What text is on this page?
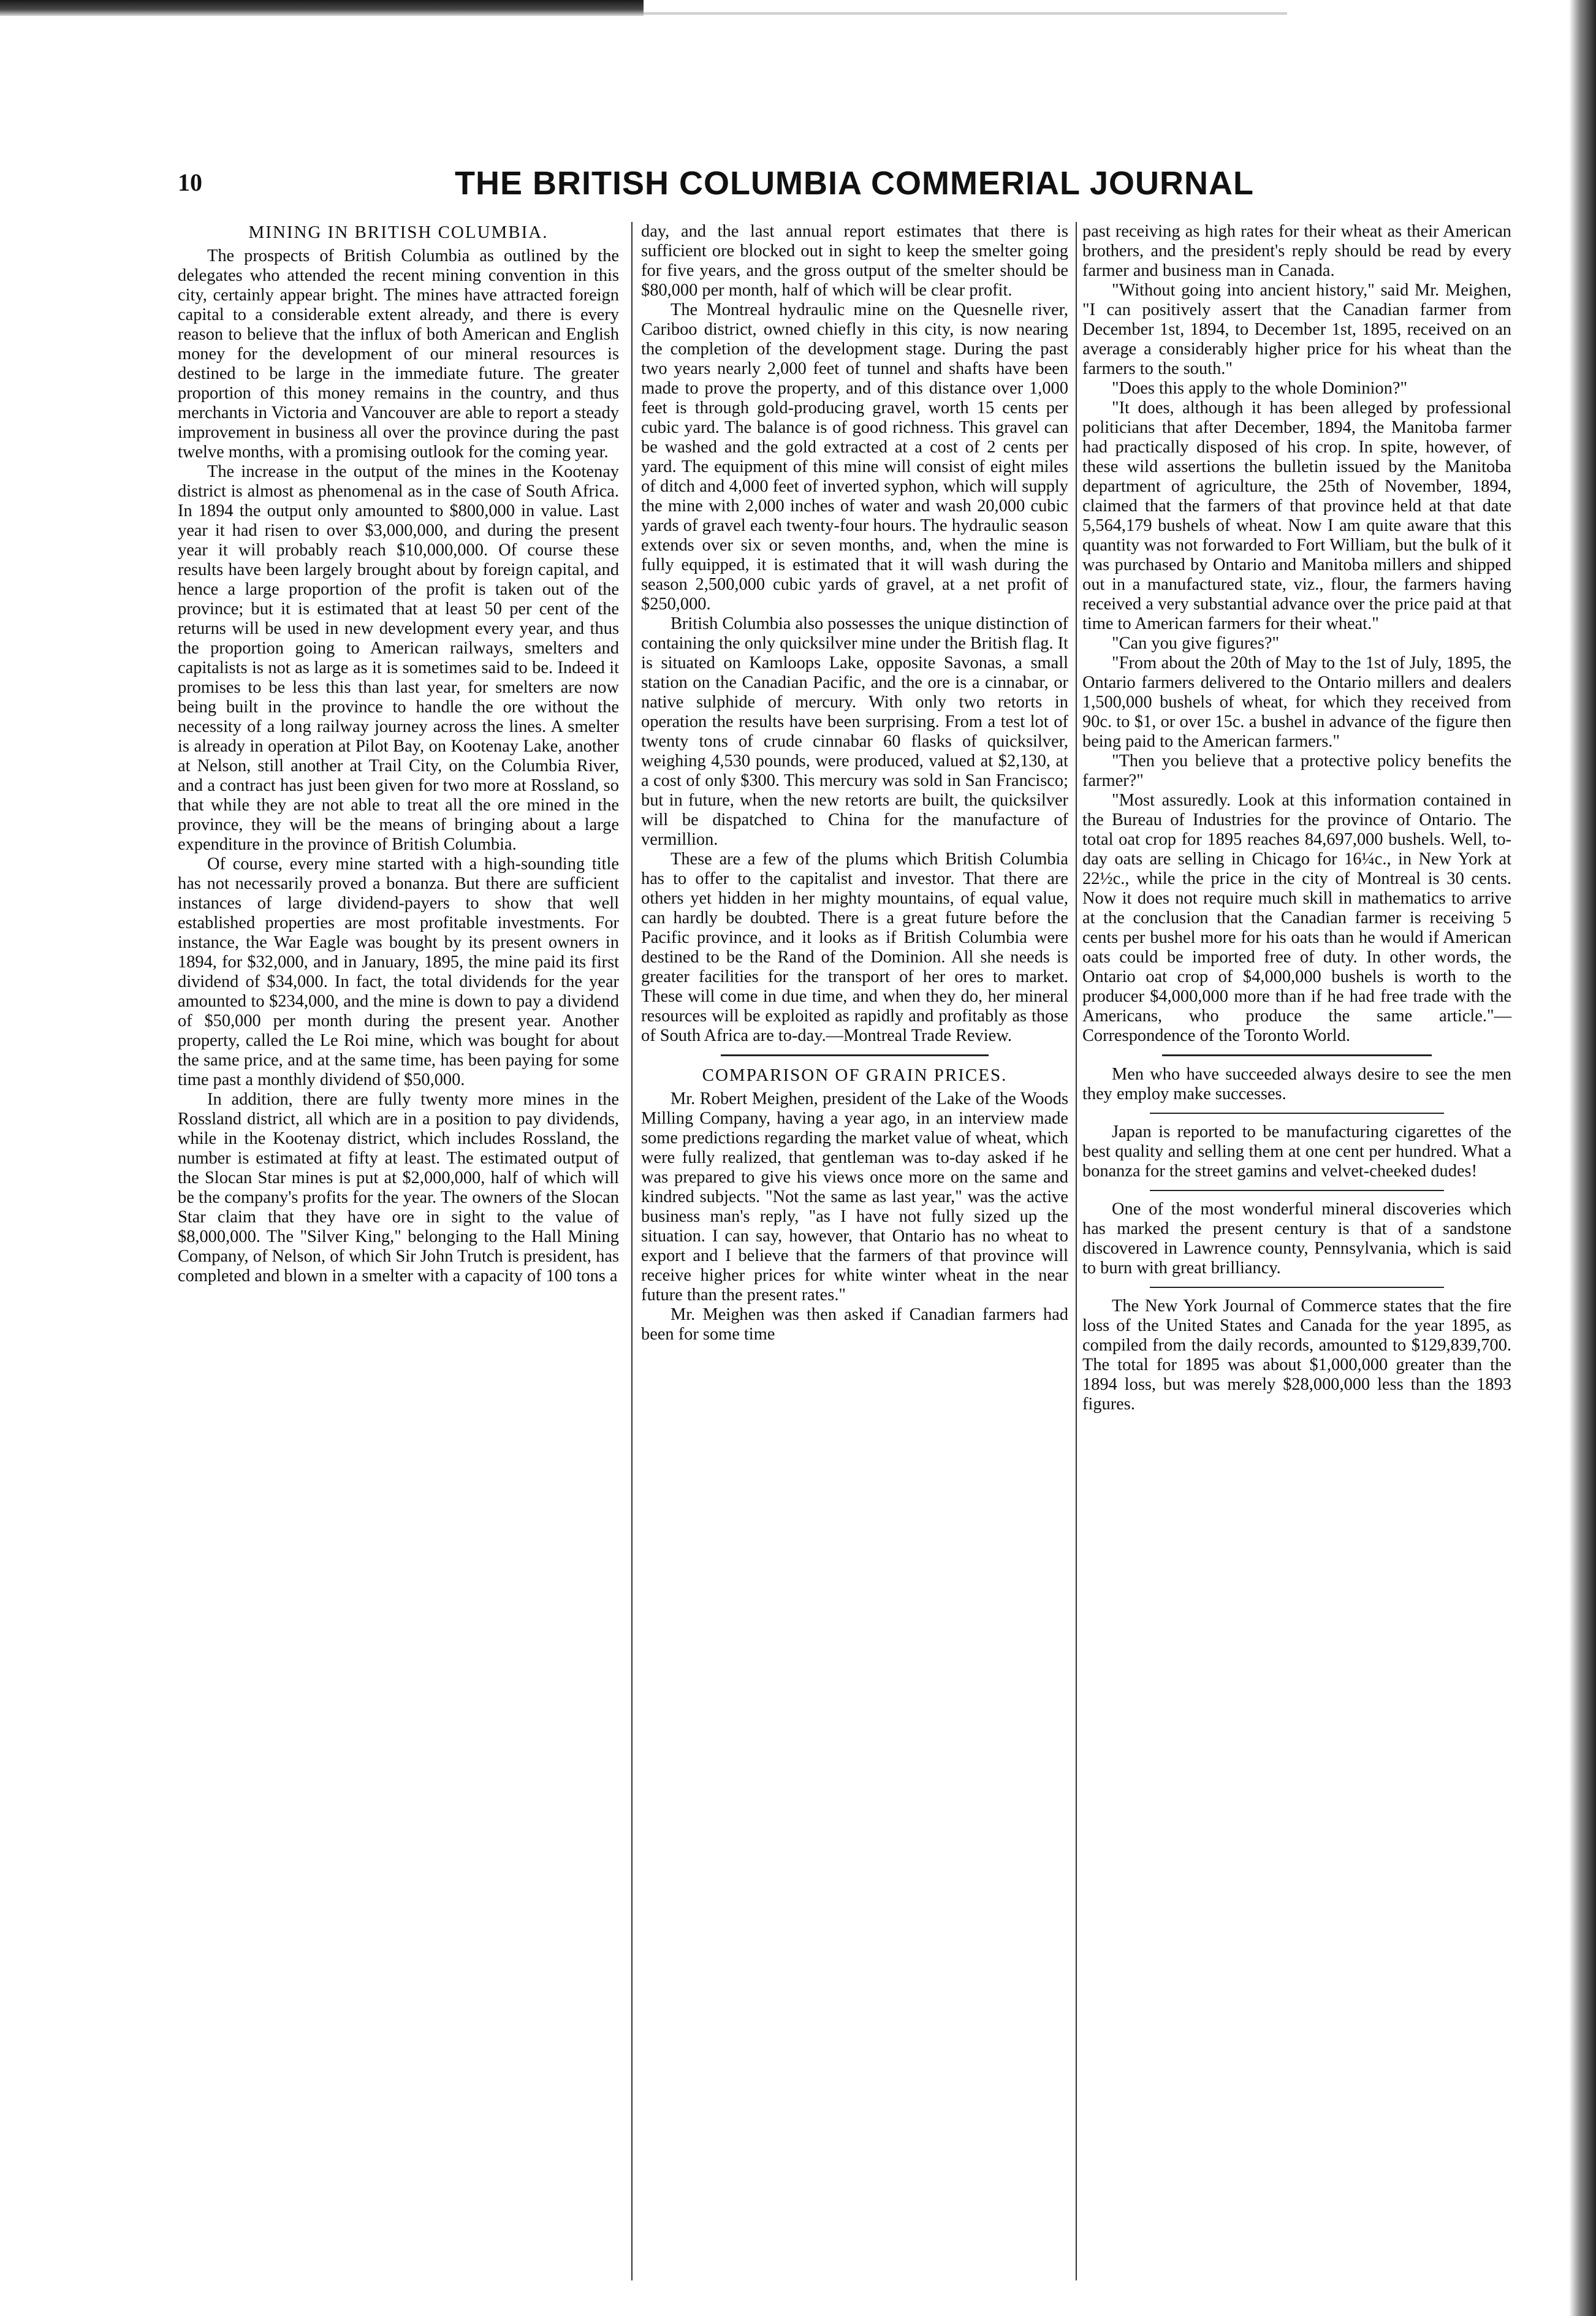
10	THE BRITISH COLUMBIA COMMERIAL JOURNAL
MINING IN BRITISH COLUMBIA.

The prospects of British Columbia as outlined by the delegates who attended the recent mining convention in this city, certainly appear bright. The mines have attracted foreign capital to a considerable extent already, and there is every reason to believe that the influx of both American and English money for the development of our mineral resources is destined to be large in the immediate future. The greater proportion of this money remains in the country, and thus merchants in Victoria and Vancouver are able to report a steady improvement in business all over the province during the past twelve months, with a promising outlook for the coming year.

The increase in the output of the mines in the Kootenay district is almost as phenomenal as in the case of South Africa. In 1894 the output only amounted to $800,000 in value. Last year it had risen to over $3,000,000, and during the present year it will probably reach $10,000,000. Of course these results have been largely brought about by foreign capital, and hence a large proportion of the profit is taken out of the province; but it is estimated that at least 50 per cent of the returns will be used in new development every year, and thus the proportion going to American railways, smelters and capitalists is not as large as it is sometimes said to be. Indeed it promises to be less this than last year, for smelters are now being built in the province to handle the ore without the necessity of a long railway journey across the lines. A smelter is already in operation at Pilot Bay, on Kootenay Lake, another at Nelson, still another at Trail City, on the Columbia River, and a contract has just been given for two more at Rossland, so that while they are not able to treat all the ore mined in the province, they will be the means of bringing about a large expenditure in the province of British Columbia.

Of course, every mine started with a high-sounding title has not necessarily proved a bonanza. But there are sufficient instances of large dividend-payers to show that well established properties are most profitable investments. For instance, the War Eagle was bought by its present owners in 1894, for $32,000, and in January, 1895, the mine paid its first dividend of $34,000. In fact, the total dividends for the year amounted to $234,000, and the mine is down to pay a dividend of $50,000 per month during the present year. Another property, called the Le Roi mine, which was bought for about the same price, and at the same time, has been paying for some time past a monthly dividend of $50,000.

In addition, there are fully twenty more mines in the Rossland district, all which are in a position to pay dividends, while in the Kootenay district, which includes Rossland, the number is estimated at fifty at least. The estimated output of the Slocan Star mines is put at $2,000,000, half of which will be the company's profits for the year. The owners of the Slocan Star claim that they have ore in sight to the value of $8,000,000. The "Silver King," belonging to the Hall Mining Company, of Nelson, of which Sir John Trutch is president, has completed and blown in a smelter with a capacity of 100 tons a

day, and the last annual report estimates that there is sufficient ore blocked out in sight to keep the smelter going for five years, and the gross output of the smelter should be $80,000 per month, half of which will be clear profit.

The Montreal hydraulic mine on the Quesnelle river, Cariboo district, owned chiefly in this city, is now nearing the completion of the development stage. During the past two years nearly 2,000 feet of tunnel and shafts have been made to prove the property, and of this distance over 1,000 feet is through gold-producing gravel, worth 15 cents per cubic yard. The balance is of good richness. This gravel can be washed and the gold extracted at a cost of 2 cents per yard. The equipment of this mine will consist of eight miles of ditch and 4,000 feet of inverted syphon, which will supply the mine with 2,000 inches of water and wash 20,000 cubic yards of gravel each twenty-four hours. The hydraulic season extends over six or seven months, and, when the mine is fully equipped, it is estimated that it will wash during the season 2,500,000 cubic yards of gravel, at a net profit of $250,000.

British Columbia also possesses the unique distinction of containing the only quicksilver mine under the British flag. It is situated on Kamloops Lake, opposite Savonas, a small station on the Canadian Pacific, and the ore is a cinnabar, or native sulphide of mercury. With only two retorts in operation the results have been surprising. From a test lot of twenty tons of crude cinnabar 60 flasks of quicksilver, weighing 4,530 pounds, were produced, valued at $2,130, at a cost of only $300. This mercury was sold in San Francisco; but in future, when the new retorts are built, the quicksilver will be dispatched to China for the manufacture of vermillion.

These are a few of the plums which British Columbia has to offer to the capitalist and investor. That there are others yet hidden in her mighty mountains, of equal value, can hardly be doubted. There is a great future before the Pacific province, and it looks as if British Columbia were destined to be the Rand of the Dominion. All she needs is greater facilities for the transport of her ores to market. These will come in due time, and when they do, her mineral resources will be exploited as rapidly and profitably as those of South Africa are to-day.—Montreal Trade Review.

COMPARISON OF GRAIN PRICES.

Mr. Robert Meighen, president of the Lake of the Woods Milling Company, having a year ago, in an interview made some predictions regarding the market value of wheat, which were fully realized, that gentleman was to-day asked if he was prepared to give his views once more on the same and kindred subjects. "Not the same as last year," was the active business man's reply, "as I have not fully sized up the situation. I can say, however, that Ontario has no wheat to export and I believe that the farmers of that province will receive higher prices for white winter wheat in the near future than the present rates."

Mr. Meighen was then asked if Canadian farmers had been for some time

past receiving as high rates for their wheat as their American brothers, and the president's reply should be read by every farmer and business man in Canada.

"Without going into ancient history," said Mr. Meighen, "I can positively assert that the Canadian farmer from December 1st, 1894, to December 1st, 1895, received on an average a considerably higher price for his wheat than the farmers to the south."

"Does this apply to the whole Dominion?"

"It does, although it has been alleged by professional politicians that after December, 1894, the Manitoba farmer had practically disposed of his crop. In spite, however, of these wild assertions the bulletin issued by the Manitoba department of agriculture, the 25th of November, 1894, claimed that the farmers of that province held at that date 5,564,179 bushels of wheat. Now I am quite aware that this quantity was not forwarded to Fort William, but the bulk of it was purchased by Ontario and Manitoba millers and shipped out in a manufactured state, viz., flour, the farmers having received a very substantial advance over the price paid at that time to American farmers for their wheat."

"Can you give figures?"

"From about the 20th of May to the 1st of July, 1895, the Ontario farmers delivered to the Ontario millers and dealers 1,500,000 bushels of wheat, for which they received from 90c. to $1, or over 15c. a bushel in advance of the figure then being paid to the American farmers."

"Then you believe that a protective policy benefits the farmer?"

"Most assuredly. Look at this information contained in the Bureau of Industries for the province of Ontario. The total oat crop for 1895 reaches 84,697,000 bushels. Well, to-day oats are selling in Chicago for 16¼c., in New York at 22½c., while the price in the city of Montreal is 30 cents. Now it does not require much skill in mathematics to arrive at the conclusion that the Canadian farmer is receiving 5 cents per bushel more for his oats than he would if American oats could be imported free of duty. In other words, the Ontario oat crop of $4,000,000 bushels is worth to the producer $4,000,000 more than if he had free trade with the Americans, who produce the same article."—Correspondence of the Toronto World.

Men who have succeeded always desire to see the men they employ make successes.

Japan is reported to be manufacturing cigarettes of the best quality and selling them at one cent per hundred. What a bonanza for the street gamins and velvet-cheeked dudes!

One of the most wonderful mineral discoveries which has marked the present century is that of a sandstone discovered in Lawrence county, Pennsylvania, which is said to burn with great brilliancy.

The New York Journal of Commerce states that the fire loss of the United States and Canada for the year 1895, as compiled from the daily records, amounted to $129,839,700. The total for 1895 was about $1,000,000 greater than the 1894 loss, but was merely $28,000,000 less than the 1893 figures.
